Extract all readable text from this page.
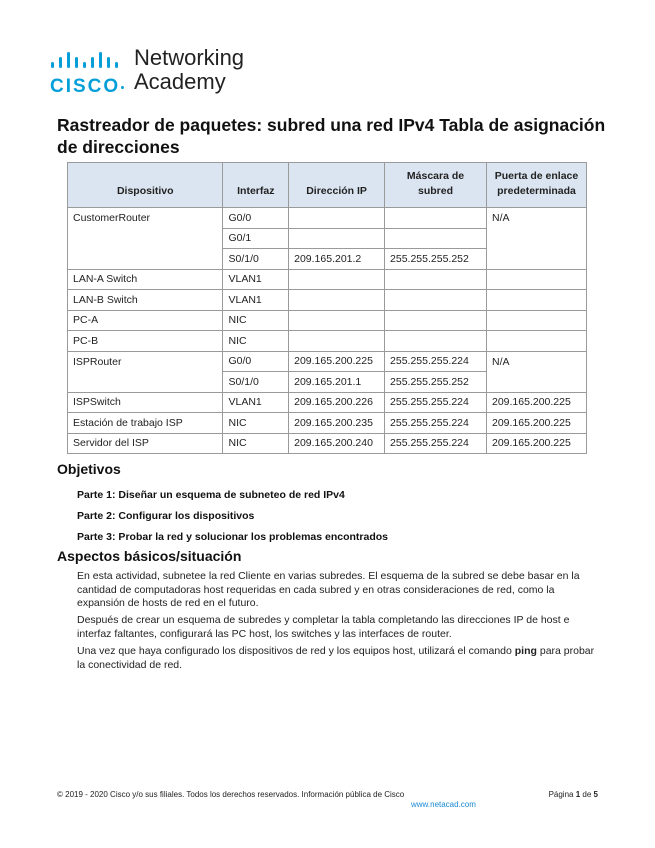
CISCO
Networking
Academy
Rastreador de paquetes: subred una red IPv4 Tabla de asignación de direcciones
Dispositivo	Interfaz	Dirección IP	Máscara de subred	Puerta de enlace predeterminada
CustomerRouter	G0/0			N/A
	G0/1			
	S0/1/0	209.165.201.2	255.255.255.252	
LAN-A Switch	VLAN1			
LAN-B Switch	VLAN1			
PC-A	NIC			
PC-B	NIC			
ISPRouter	G0/0	209.165.200.225	255.255.255.224	N/A
	S0/1/0	209.165.201.1	255.255.255.252	
ISPSwitch	VLAN1	209.165.200.226	255.255.255.224	209.165.200.225
Estación de trabajo ISP	NIC	209.165.200.235	255.255.255.224	209.165.200.225
Servidor del ISP	NIC	209.165.200.240	255.255.255.224	209.165.200.225
Objetivos
Parte 1: Diseñar un esquema de subneteo de red IPv4
Parte 2: Configurar los dispositivos
Parte 3: Probar la red y solucionar los problemas encontrados
Aspectos básicos/situación

En esta actividad, subnetee la red Cliente en varias subredes. El esquema de la subred se debe basar en la cantidad de computadoras host requeridas en cada subred y en otras consideraciones de red, como la expansión de hosts de red en el futuro.

Después de crear un esquema de subredes y completar la tabla completando las direcciones IP de host e interfaz faltantes, configurará las PC host, los switches y las interfaces de router.

Una vez que haya configurado los dispositivos de red y los equipos host, utilizará el comando ping para probar la conectividad de red.

© 2019 - 2020 Cisco y/o sus filiales. Todos los derechos reservados. Información pública de Cisco	Página 1 de 5
www.netacad.com
